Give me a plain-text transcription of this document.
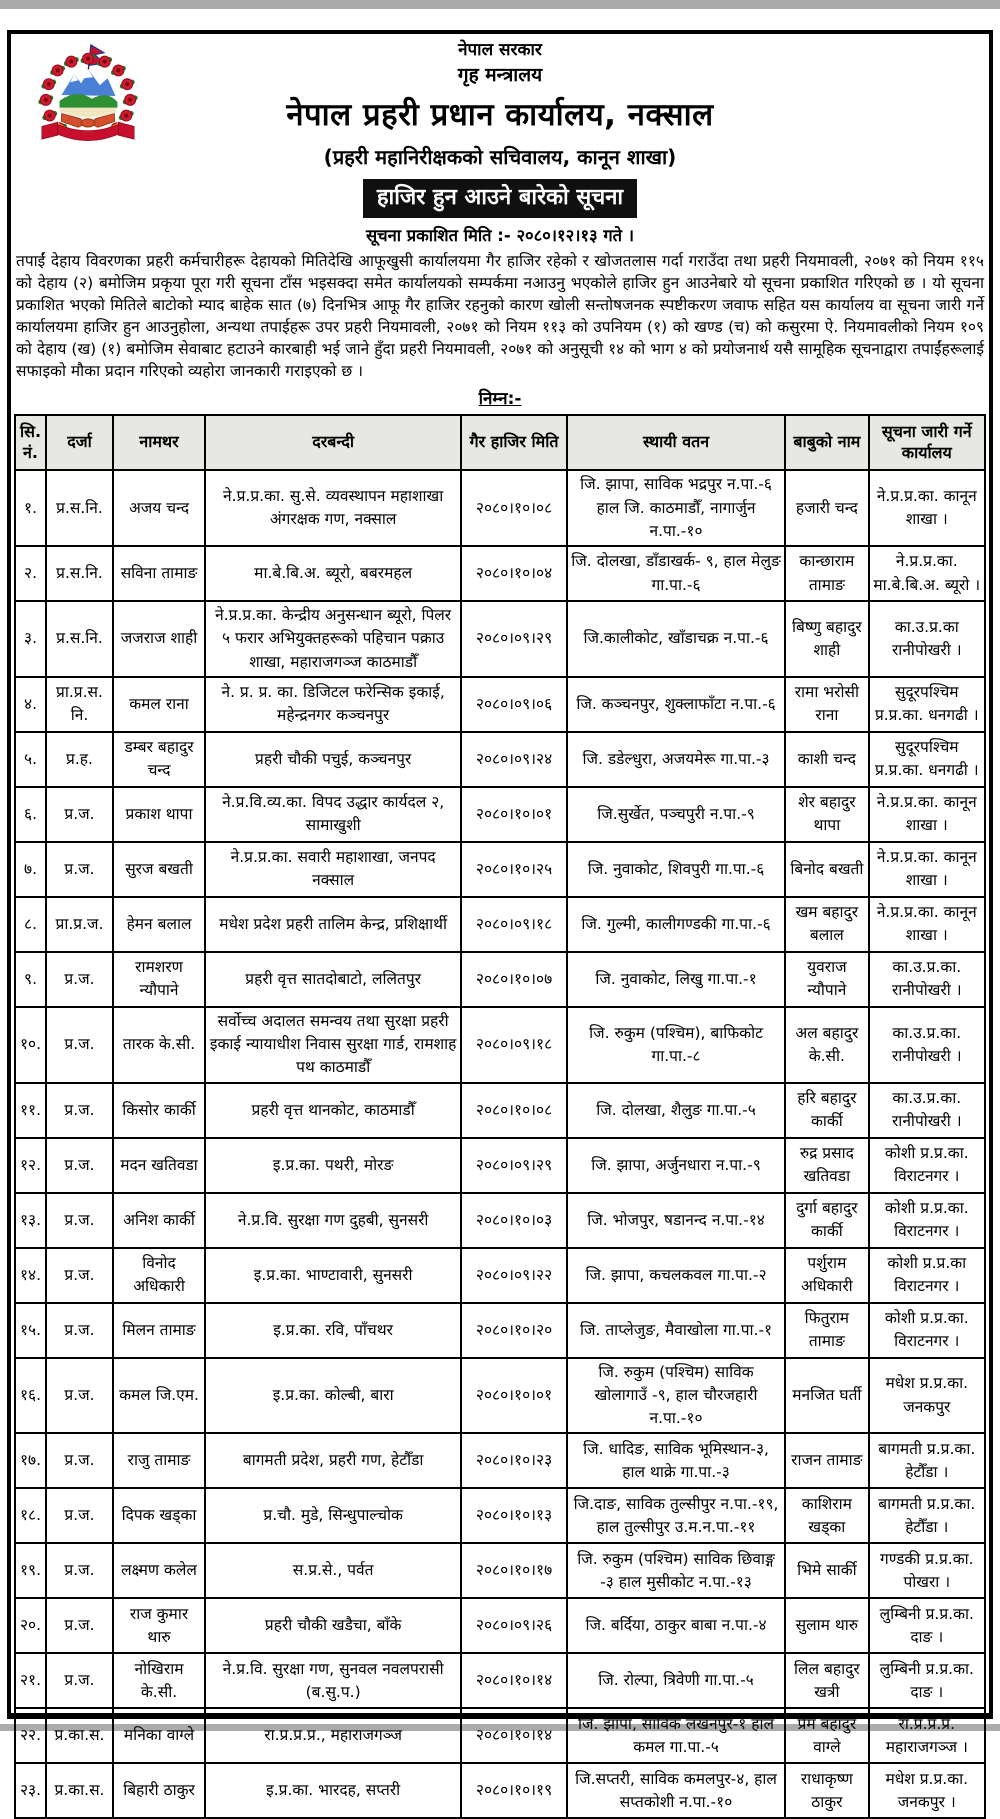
नेपाल सरकार
गृह मन्त्रालय
नेपाल प्रहरी प्रधान कार्यालय, नक्साल
(प्रहरी महानिरीक्षकको सचिवालय, कानून शाखा)
हाजिर हुन आउने बारेको सूचना
सूचना प्रकाशित मिति :- २०८०।१२।१३ गते ।

तपाईं देहाय विवरणका प्रहरी कर्मचारीहरू देहायको मितिदेखि आफूखुसी कार्यालयमा गैर हाजिर रहेको र खोजतलास गर्दा गराउँदा तथा प्रहरी नियमावली, २०७१ को नियम ११५ को देहाय (२) बमोजिम प्रकृया पूरा गरी सूचना टाँस भइसक्दा समेत कार्यालयको सम्पर्कमा नआउनु भएकोले हाजिर हुन आउनेबारे यो सूचना प्रकाशित गरिएको छ । यो सूचना प्रकाशित भएको मितिले बाटोको म्याद बाहेक सात (७) दिनभित्र आफू गैर हाजिर रहनुको कारण खोली सन्तोषजनक स्पष्टीकरण जवाफ सहित यस कार्यालय वा सूचना जारी गर्ने कार्यालयमा हाजिर हुन आउनुहोला, अन्यथा तपाईहरू उपर प्रहरी नियमावली, २०७१ को नियम ११३ को उपनियम (१) को खण्ड (च) को कसुरमा ऐ. नियमावलीको नियम १०९ को देहाय (ख) (१) बमोजिम सेवाबाट हटाउने कारबाही भई जाने हुँदा प्रहरी नियमावली, २०७१ को अनुसूची १४ को भाग ४ को प्रयोजनार्थ यसै सामूहिक सूचनाद्वारा तपाईंहरूलाई सफाइको मौका प्रदान गरिएको व्यहोरा जानकारी गराइएको छ ।

निम्न:-
सि. नं.	दर्जा	नामथर	दरबन्दी	गैर हाजिर मिति	स्थायी वतन	बाबुको नाम	सूचना जारी गर्ने कार्यालय
१.	प्र.स.नि.	अजय चन्द	ने.प्र.प्र.का. सु.से. व्यवस्थापन महाशाखा अंगरक्षक गण, नक्साल	२०८०।१०।०८	जि. झापा, साविक भद्रपुर न.पा.-६ हाल जि. काठमाडौँ, नागार्जुन न.पा.-१०	हजारी चन्द	ने.प्र.प्र.का. कानून शाखा ।
२.	प्र.स.नि.	सविना तामाङ	मा.बे.बि.अ. ब्यूरो, बबरमहल	२०८०।१०।०४	जि. दोलखा, डाँडाखर्क- ९, हाल मेलुङ गा.पा.-६	कान्छाराम तामाङ	ने.प्र.प्र.का. मा.बे.बि.अ. ब्यूरो ।
३.	प्र.स.नि.	जजराज शाही	ने.प्र.प्र.का. केन्द्रीय अनुसन्धान ब्यूरो, पिलर ५ फरार अभियुक्तहरूको पहिचान पक्राउ शाखा, महाराजगञ्ज काठमाडौँ	२०८०।०९।२९	जि.कालीकोट, खाँडाचक्र न.पा.-६	बिष्णु बहादुर शाही	का.उ.प्र.का रानीपोखरी ।
४.	प्रा.प्र.स.नि.	कमल राना	ने. प्र. प्र. का. डिजिटल फरेन्सिक इकाई, महेन्द्रनगर कञ्चनपुर	२०८०।०९।०६	जि. कञ्चनपुर, शुक्लाफाँटा न.पा.-६	रामा भरोसी राना	सुदूरपश्चिम प्र.प्र.का. धनगढी ।
५.	प्र.ह.	डम्बर बहादुर चन्द	प्रहरी चौकी पचुई, कञ्चनपुर	२०८०।०९।२४	जि. डडेल्धुरा, अजयमेरू गा.पा.-३	काशी चन्द	सुदूरपश्चिम प्र.प्र.का. धनगढी ।
६.	प्र.ज.	प्रकाश थापा	ने.प्र.वि.व्य.का. विपद उद्धार कार्यदल २, सामाखुशी	२०८०।१०।०१	जि.सुर्खेत, पञ्चपुरी न.पा.-९	शेर बहादुर थापा	ने.प्र.प्र.का. कानून शाखा ।
७.	प्र.ज.	सुरज बखती	ने.प्र.प्र.का. सवारी महाशाखा, जनपद नक्साल	२०८०।१०।२५	जि. नुवाकोट, शिवपुरी गा.पा.-६	बिनोद बखती	ने.प्र.प्र.का. कानून शाखा ।
८.	प्रा.प्र.ज.	हेमन बलाल	मधेश प्रदेश प्रहरी तालिम केन्द्र, प्रशिक्षार्थी	२०८०।०९।१८	जि. गुल्मी, कालीगण्डकी गा.पा.-६	खम बहादुर बलाल	ने.प्र.प्र.का. कानून शाखा ।
९.	प्र.ज.	रामशरण न्यौपाने	प्रहरी वृत्त सातदोबाटो, ललितपुर	२०८०।१०।०७	जि. नुवाकोट, लिखु गा.पा.-१	युवराज न्यौपाने	का.उ.प्र.का. रानीपोखरी ।
१०.	प्र.ज.	तारक के.सी.	सर्वोच्च अदालत समन्वय तथा सुरक्षा प्रहरी इकाई न्यायाधीश निवास सुरक्षा गार्ड, रामशाह पथ काठमाडौँ	२०८०।०९।१८	जि. रुकुम (पश्चिम), बाफिकोट गा.पा.-८	अल बहादुर के.सी.	का.उ.प्र.का. रानीपोखरी ।
११.	प्र.ज.	किसोर कार्की	प्रहरी वृत्त थानकोट, काठमाडौँ	२०८०।१०।०८	जि. दोलखा, शैलुङ गा.पा.-५	हरि बहादुर कार्की	का.उ.प्र.का. रानीपोखरी ।
१२.	प्र.ज.	मदन खतिवडा	इ.प्र.का. पथरी, मोरङ	२०८०।०९।२९	जि. झापा, अर्जुनधारा न.पा.-९	रुद्र प्रसाद खतिवडा	कोशी प्र.प्र.का. विराटनगर ।
१३.	प्र.ज.	अनिश कार्की	ने.प्र.वि. सुरक्षा गण दुहबी, सुनसरी	२०८०।१०।०३	जि. भोजपुर, षडानन्द न.पा.-१४	दुर्गा बहादुर कार्की	कोशी प्र.प्र.का. विराटनगर ।
१४.	प्र.ज.	विनोद अधिकारी	इ.प्र.का. भाण्टावारी, सुनसरी	२०८०।०९।२२	जि. झापा, कचलकवल गा.पा.-२	पर्शुराम अधिकारी	कोशी प्र.प्र.का विराटनगर ।
१५.	प्र.ज.	मिलन तामाङ	इ.प्र.का. रवि, पाँचथर	२०८०।१०।२०	जि. ताप्लेजुङ, मैवाखोला गा.पा.-१	फितुराम तामाङ	कोशी प्र.प्र.का. विराटनगर ।
१६.	प्र.ज.	कमल जि.एम.	इ.प्र.का. कोल्बी, बारा	२०८०।१०।०१	जि. रुकुम (पश्चिम) साविक खोलागाउँ -९, हाल चौरजहारी न.पा.-१०	मनजित घर्ती	मधेश प्र.प्र.का. जनकपुर
१७.	प्र.ज.	राजु तामाङ	बागमती प्रदेश, प्रहरी गण, हेटौँडा	२०८०।१०।२३	जि. धादिङ, साविक भूमिस्थान-३, हाल थाक्रे गा.पा.-३	राजन तामाङ	बागमती प्र.प्र.का. हेटौँडा ।
१८.	प्र.ज.	दिपक खड्का	प्र.चौ. मुडे, सिन्धुपाल्चोक	२०८०।१०।१३	जि.दाङ, साविक तुल्सीपुर न.पा.-१९, हाल तुल्सीपुर उ.म.न.पा.-११	काशिराम खड्का	बागमती प्र.प्र.का. हेटौँडा ।
१९.	प्र.ज.	लक्ष्मण कलेल	स.प्र.से., पर्वत	२०८०।१०।१७	जि. रुकुम (पश्चिम) साविक छिवाङ्ग -३ हाल मुसीकोट न.पा.-१३	भिमे सार्की	गण्डकी प्र.प्र.का. पोखरा ।
२०.	प्र.ज.	राज कुमार थारु	प्रहरी चौकी खडैचा, बाँके	२०८०।०९।२६	जि. बर्दिया, ठाकुर बाबा न.पा.-४	सुलाम थारु	लुम्बिनी प्र.प्र.का. दाङ ।
२१.	प्र.ज.	नोखिराम के.सी.	ने.प्र.वि. सुरक्षा गण, सुनवल नवलपरासी (ब.सु.प.)	२०८०।१०।१४	जि. रोल्पा, त्रिवेणी गा.पा.-५	लिल बहादुर खत्री	लुम्बिनी प्र.प्र.का. दाङ ।
२२.	प्र.का.स.	मनिका वाग्ले	रा.प्र.प्र.प्र., महाराजगञ्ज	२०८०।१०।१४	जि. झापा, साविक लखनपुर-१ हाल कमल गा.पा.-५	प्रेम बहादुर वाग्ले	रा.प्र.प्र.प्र. महाराजगञ्ज ।
२३.	प्र.का.स.	बिहारी ठाकुर	इ.प्र.का. भारदह, सप्तरी	२०८०।१०।१९	जि.सप्तरी, साविक कमलपुर-४, हाल सप्तकोशी न.पा.-१०	राधाकृष्ण ठाकुर	मधेश प्र.प्र.का. जनकपुर ।
